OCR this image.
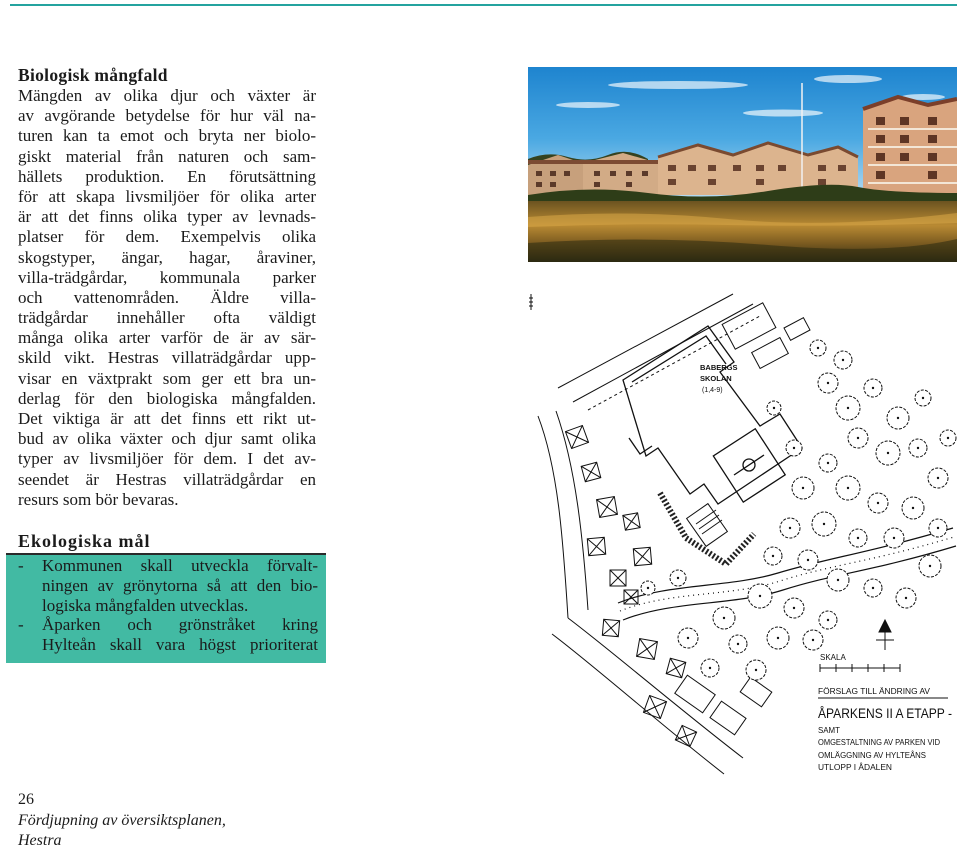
Biologisk mångfald
Mängden av olika djur och växter är
av avgörande betydelse för hur väl na-
turen kan ta emot och bryta ner biolo-
giskt material från naturen och sam-
hällets produktion. En förutsättning
för att skapa livsmiljöer för olika arter
är att det finns olika typer av levnads-
platser för dem. Exempelvis olika
skogstyper, ängar, hagar, åraviner,
villa-trädgårdar, kommunala parker
och vattenområden. Äldre villa-
trädgårdar innehåller ofta väldigt
många olika arter varför de är av sär-
skild vikt. Hestras villaträdgårdar upp-
visar en växtprakt som ger ett bra un-
derlag för den biologiska mångfalden.
Det viktiga är att det finns ett rikt ut-
bud av olika växter och djur samt olika
typer av livsmiljöer för dem. I det av-
seendet är Hestras villaträdgårdar en
resurs som bör bevaras.
Ekologiska mål
- Kommunen skall utveckla förvalt-
ningen av grönytorna så att den bio-
logiska mångfalden utvecklas.
- Åparken och grönstråket kring
Hylteån skall vara högst prioriterat
26
Fördjupning av översiktsplanen,
Hestra
BABERGS
SKOLAN
(1,4-9)
SKALA
FÖRSLAG TILL ÄNDRING AV
ÅPARKENS II A ETAPP -
SAMT
OMGESTALTNING AV PARKEN VID
OMLÄGGNING AV HYLTEÅNS
UTLOPP I ÅDALEN
